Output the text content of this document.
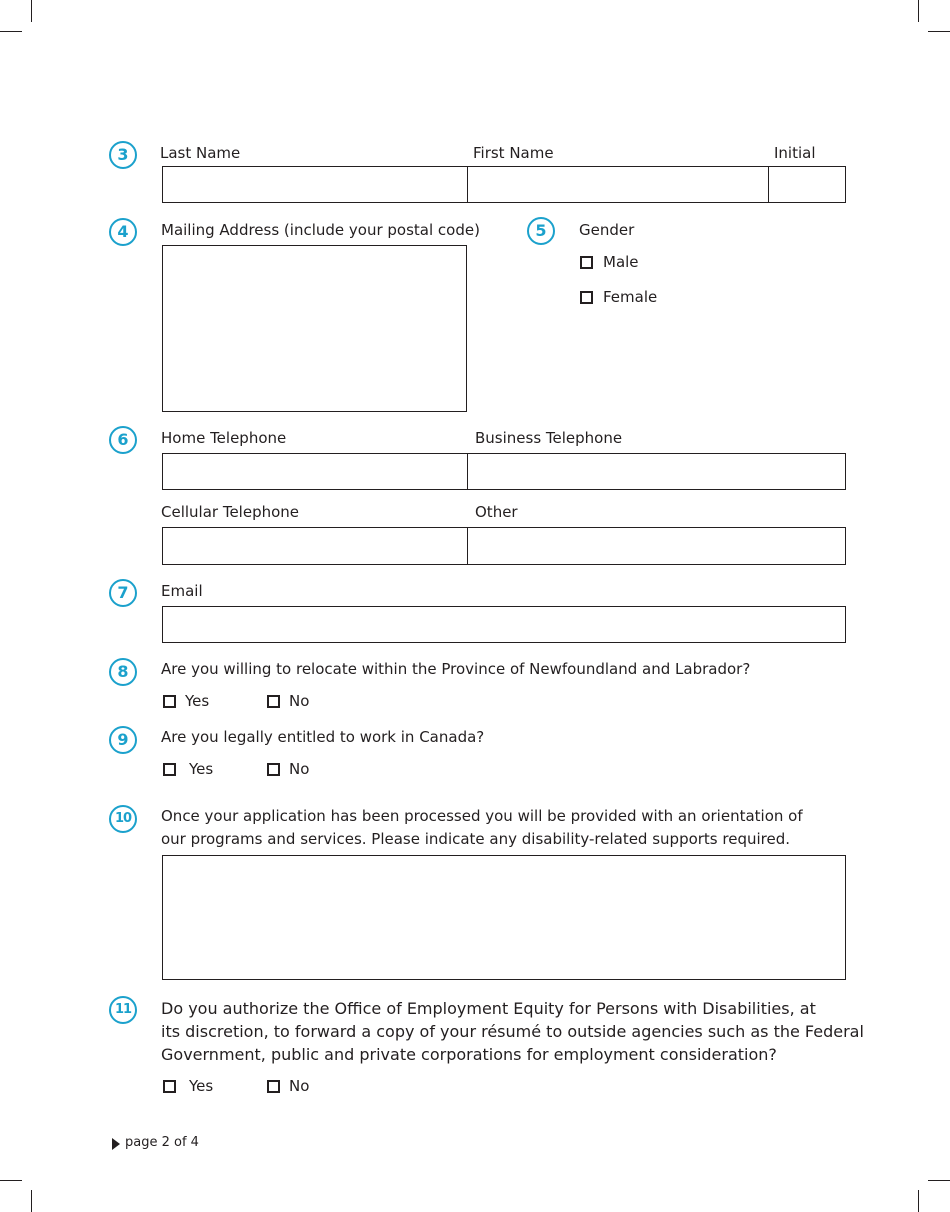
3	Last Name	First Name	Initial
4	Mailing Address (include your postal code)	5	Gender
Male
Female
6	Home Telephone	Business Telephone
Cellular Telephone	Other
7	Email
8	Are you willing to relocate within the Province of Newfoundland and Labrador?
Yes	No
9	Are you legally entitled to work in Canada?
Yes	No
10	Once your application has been processed you will be provided with an orientation of
our programs and services. Please indicate any disability-related supports required.
11	Do you authorize the Office of Employment Equity for Persons with Disabilities, at
its discretion, to forward a copy of your résumé to outside agencies such as the Federal
Government, public and private corporations for employment consideration?
Yes	No
page 2 of 4
